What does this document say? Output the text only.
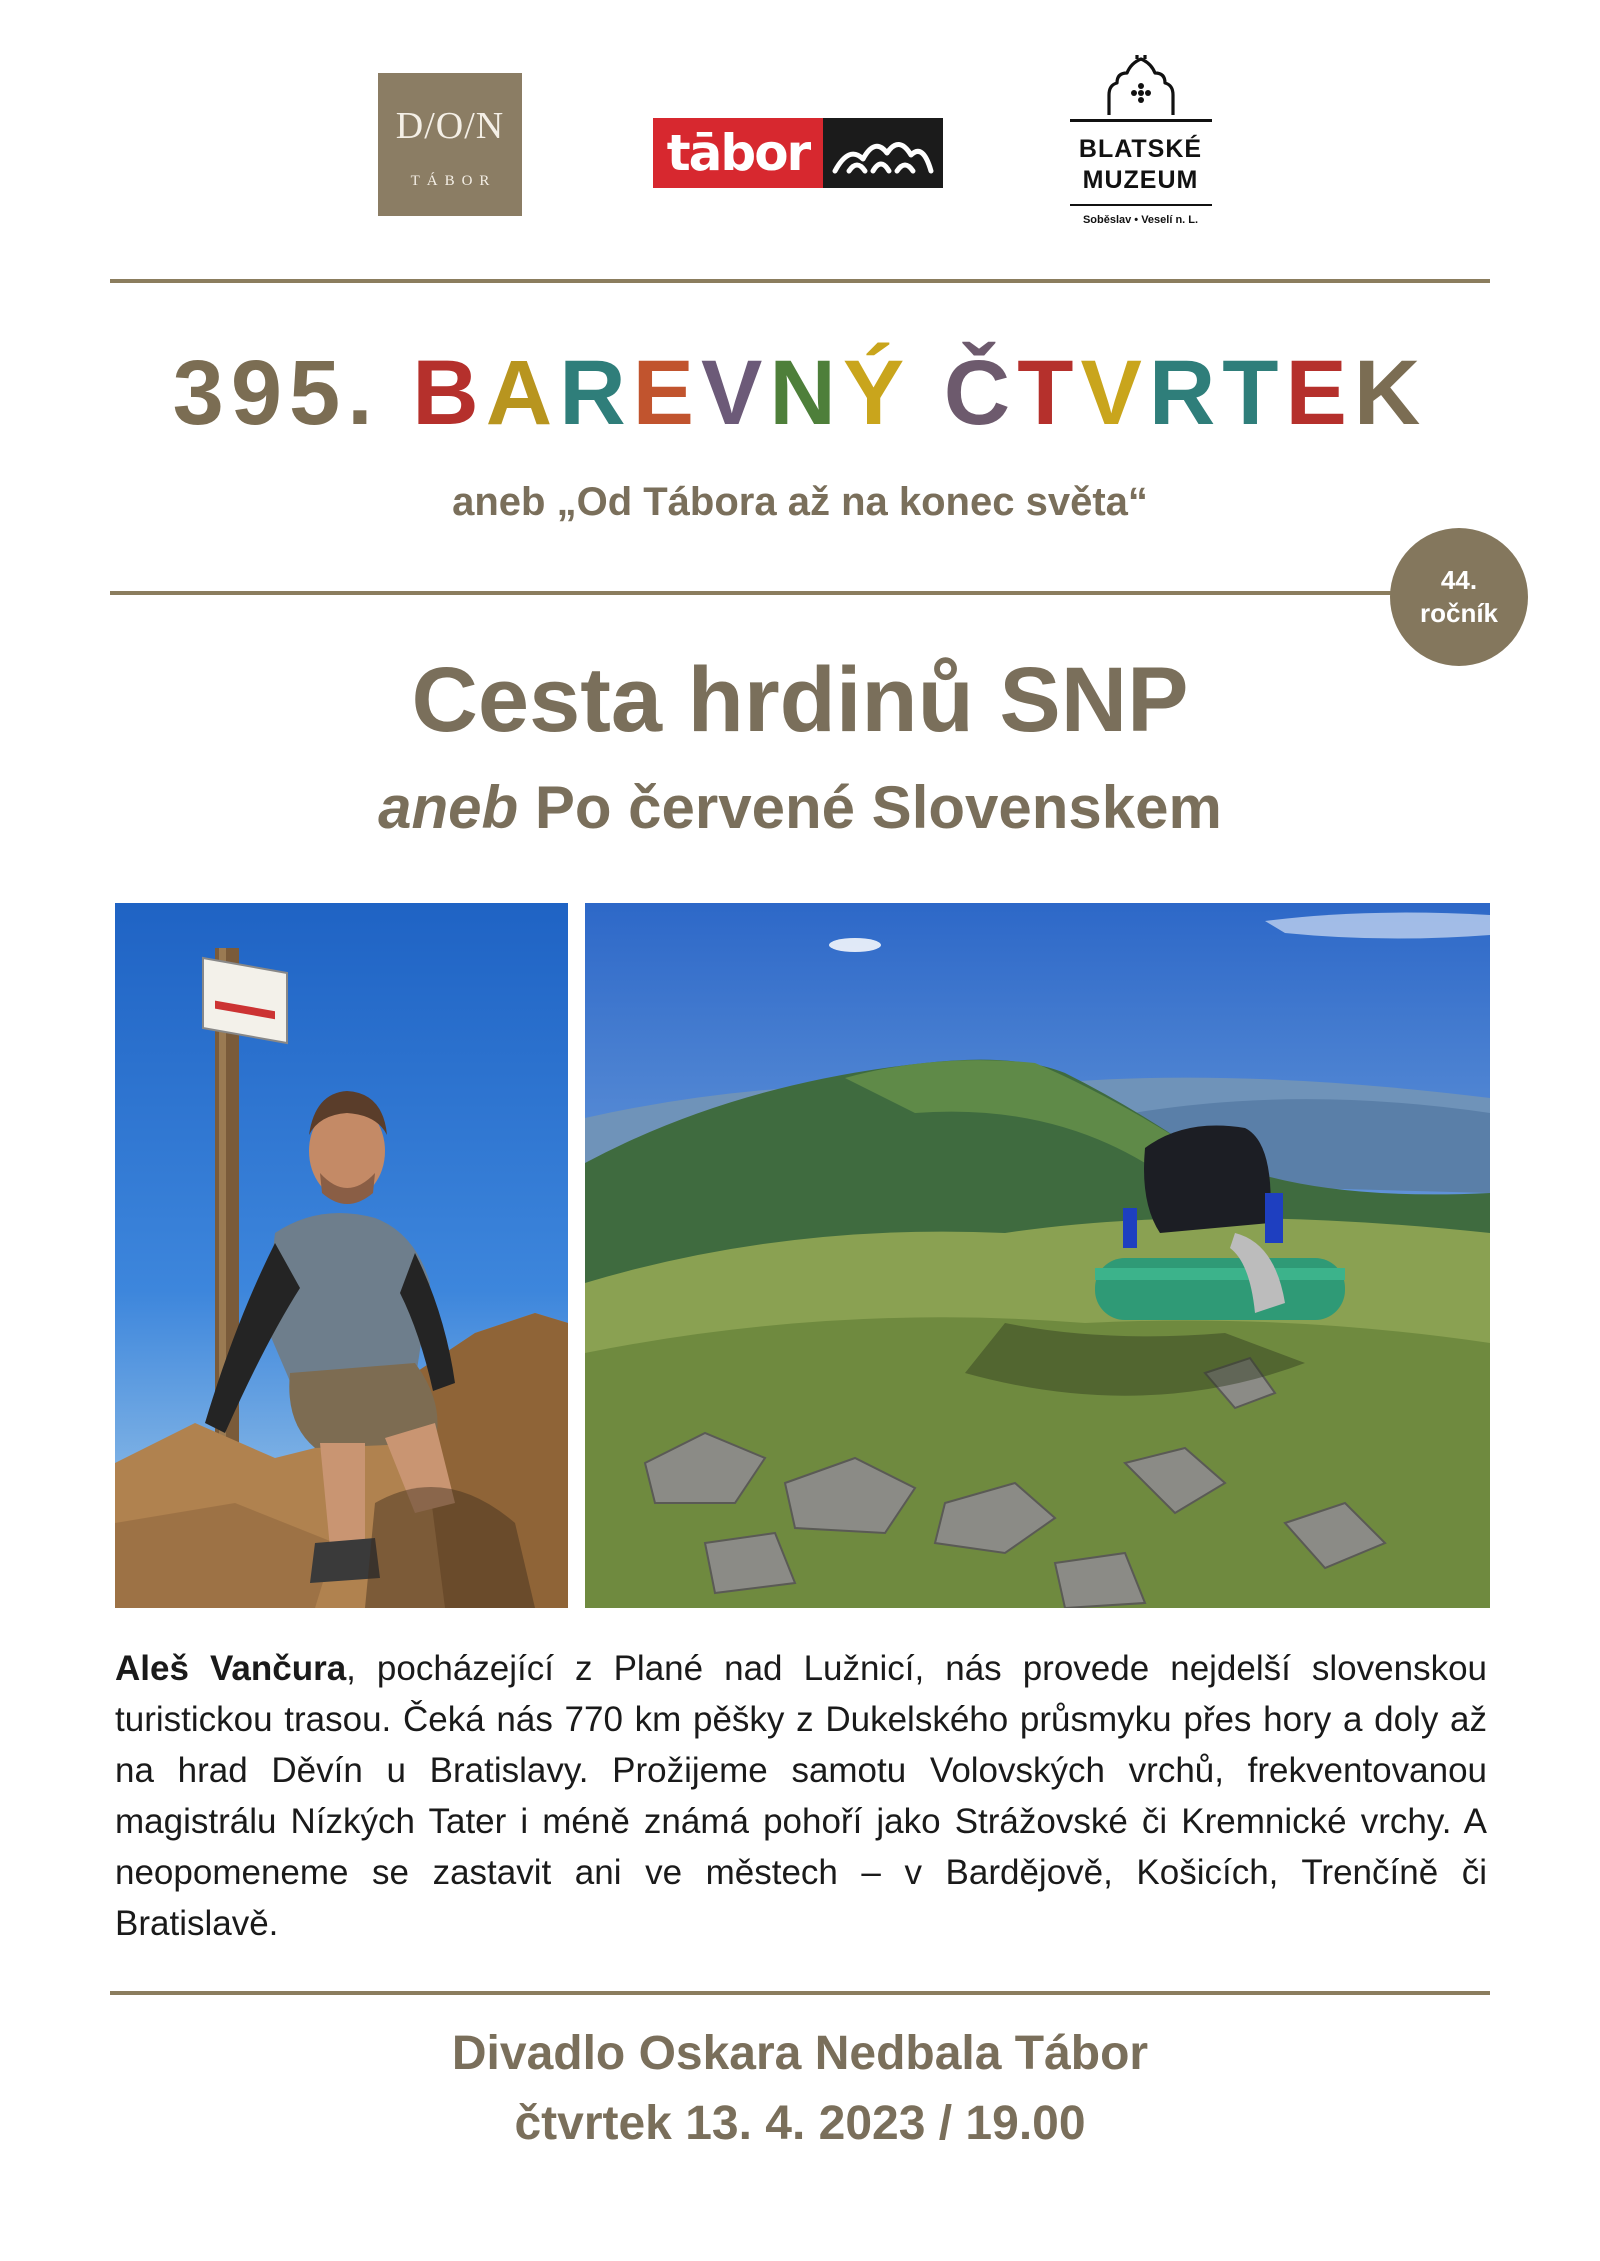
D/O/N
TÁBOR	tābor	BLATSKÉ
MUZEUM
Soběslav • Veselí n. L.
395. BAREVNÝ ČTVRTEK
aneb „Od Tábora až na konec světa“
44.
ročník
Cesta hrdinů SNP
aneb Po červené Slovenskem
Aleš Vančura, pocházející z Plané nad Lužnicí, nás provede nejdelší slovenskou turistickou trasou. Čeká nás 770 km pěšky z Dukelského průsmyku přes hory a doly až na hrad Děvín u Bratislavy. Prožijeme samotu Volovských vrchů, frekventovanou magistrálu Nízkých Tater i méně známá pohoří jako Strážovské či Kremnické vrchy. A neopomeneme se zastavit ani ve městech – v Bardějově, Košicích, Trenčíně či Bratislavě.
Divadlo Oskara Nedbala Tábor
čtvrtek 13. 4. 2023 / 19.00
